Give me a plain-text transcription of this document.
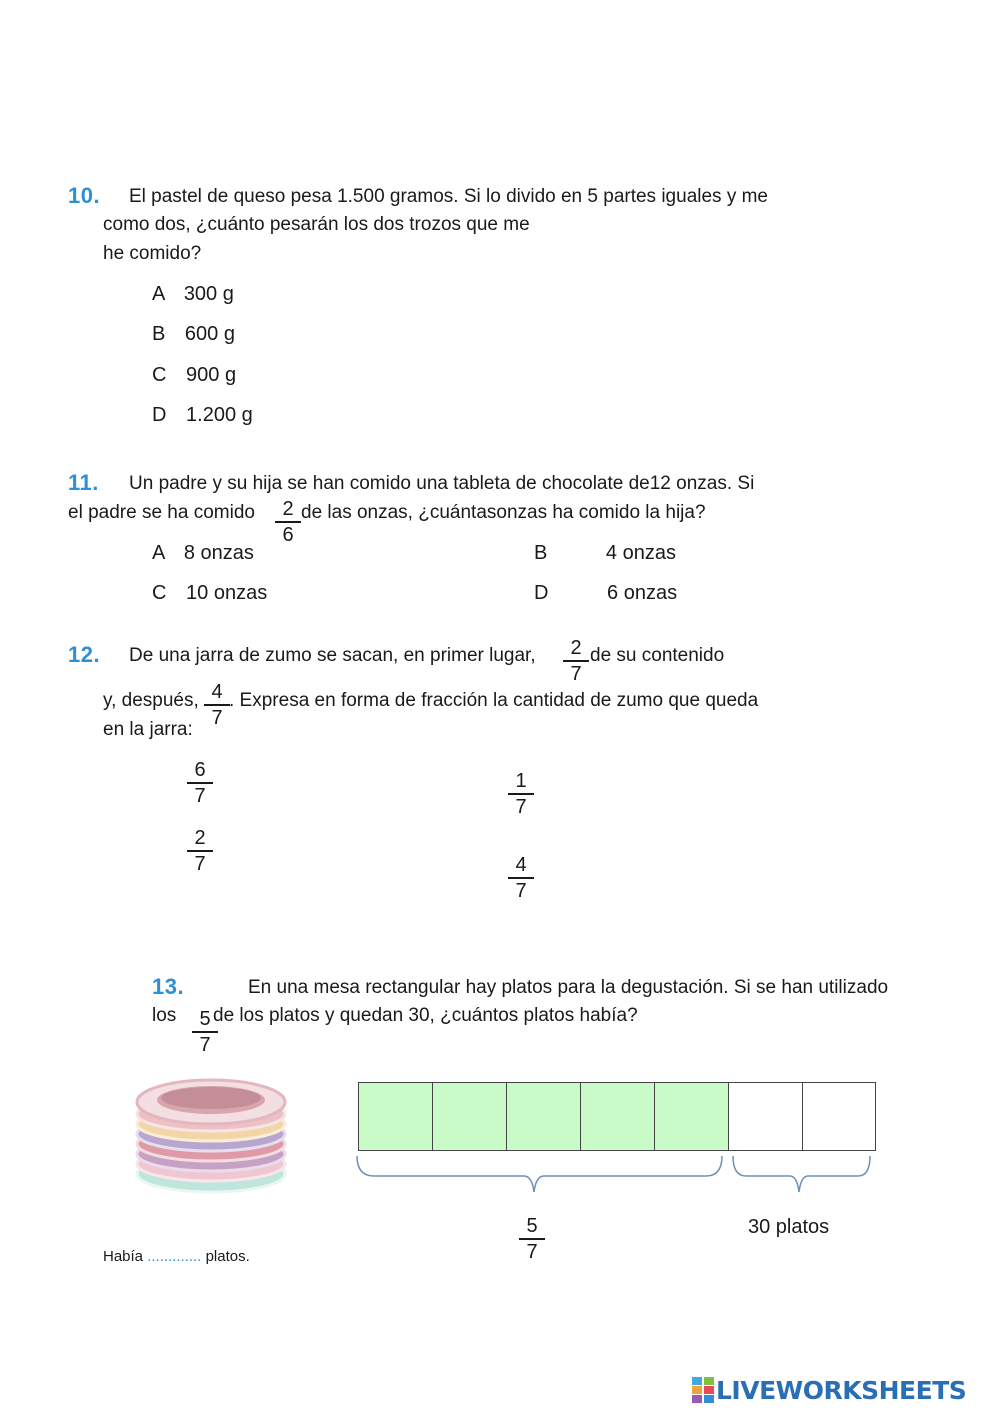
10. El pastel de queso pesa 1.500 gramos. Si lo divido en 5 partes iguales y me
como dos, ¿cuánto pesarán los dos trozos que me
he comido?
A 300 g
B 600 g
C 900 g
D 1.200 g
11. Un padre y su hija se han comido una tableta de chocolate de12 onzas. Si
el padre se ha comido	2
6
de las onzas, ¿cuántasonzas ha comido la hija?
A 8 onzas	B	4 onzas
C 10 onzas	D	6 onzas
12. De una jarra de zumo se sacan, en primer lugar,	2
7
de su contenido
y, después, 4
7
. Expresa en forma de fracción la cantidad de zumo que queda
en la jarra:
6
7
2
7
1
7
4
7
13.	En una mesa rectangular hay platos para la degustación. Si se han utilizado
los	5
7
de los platos y quedan 30, ¿cuántos platos había?
5
7
30 platos
Había ............. platos.
LIVEWORKSHEETS
